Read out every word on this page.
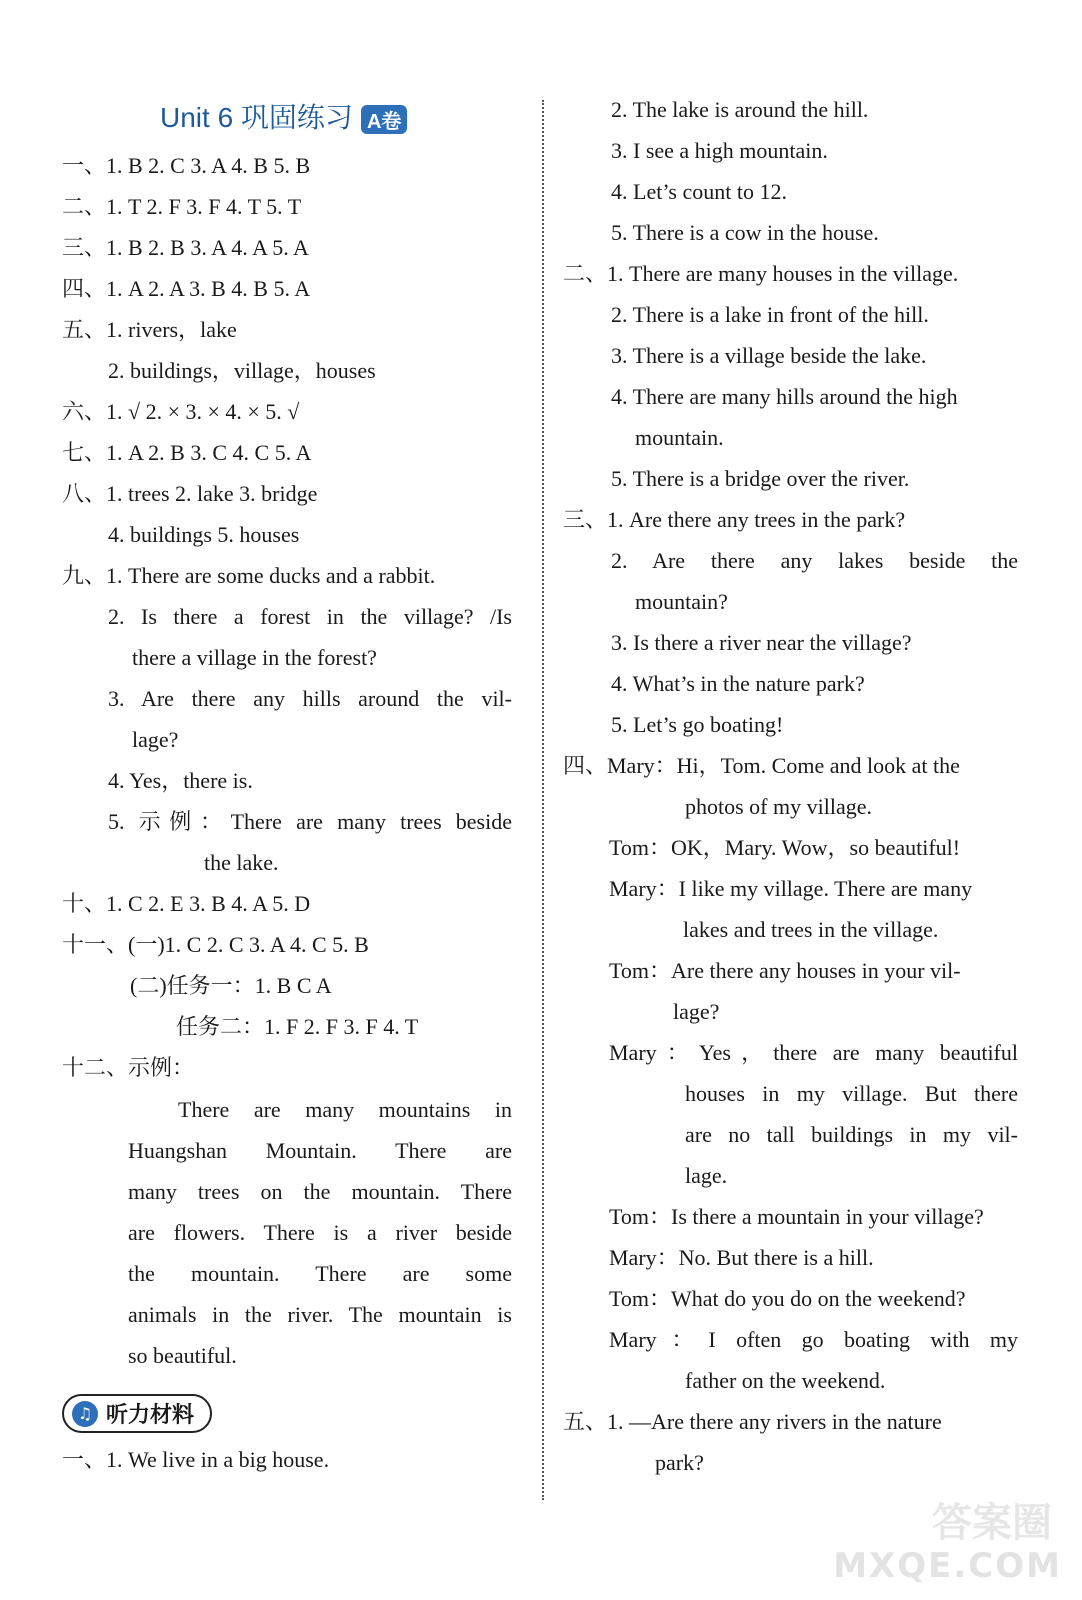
Unit 6 巩固练习 A卷
一、1. B 2. C 3. A 4. B 5. B
二、1. T 2. F 3. F 4. T 5. T
三、1. B 2. B 3. A 4. A 5. A
四、1. A 2. A 3. B 4. B 5. A
五、1. rivers，lake
2. buildings，village，houses
六、1. √ 2. × 3. × 4. × 5. √
七、1. A 2. B 3. C 4. C 5. A
八、1. trees 2. lake 3. bridge
4. buildings 5. houses
九、1. There are some ducks and a rabbit.
2. Is there a forest in the village? /Is
there a village in the forest?
3. Are there any hills around the vil-
lage?
4. Yes，there is.
5. 示例：There are many trees beside
the lake.
十、1. C 2. E 3. B 4. A 5. D
十一、(一)1. C 2. C 3. A 4. C 5. B
(二)任务一：1. B C A
任务二：1. F 2. F 3. F 4. T
十二、示例：
There are many mountains in
Huangshan Mountain. There are
many trees on the mountain. There
are flowers. There is a river beside
the mountain. There are some
animals in the river. The mountain is
so beautiful.
2. The lake is around the hill.
3. I see a high mountain.
4. Let’s count to 12.
5. There is a cow in the house.
二、1. There are many houses in the village.
2. There is a lake in front of the hill.
3. There is a village beside the lake.
4. There are many hills around the high
mountain.
5. There is a bridge over the river.
三、1. Are there any trees in the park?
2. Are there any lakes beside the
mountain?
3. Is there a river near the village?
4. What’s in the nature park?
5. Let’s go boating!
四、Mary：Hi，Tom. Come and look at the
photos of my village.
Tom：OK，Mary. Wow，so beautiful!
Mary：I like my village. There are many
lakes and trees in the village.
Tom：Are there any houses in your vil-
lage?
Mary：Yes，there are many beautiful
houses in my village. But there
are no tall buildings in my vil-
lage.
Tom：Is there a mountain in your village?
Mary：No. But there is a hill.
Tom：What do you do on the weekend?
Mary：I often go boating with my
father on the weekend.
五、1. —Are there any rivers in the nature
park?
♫ 听力材料
一、1. We live in a big house.
答案圈
MXQE.COM
